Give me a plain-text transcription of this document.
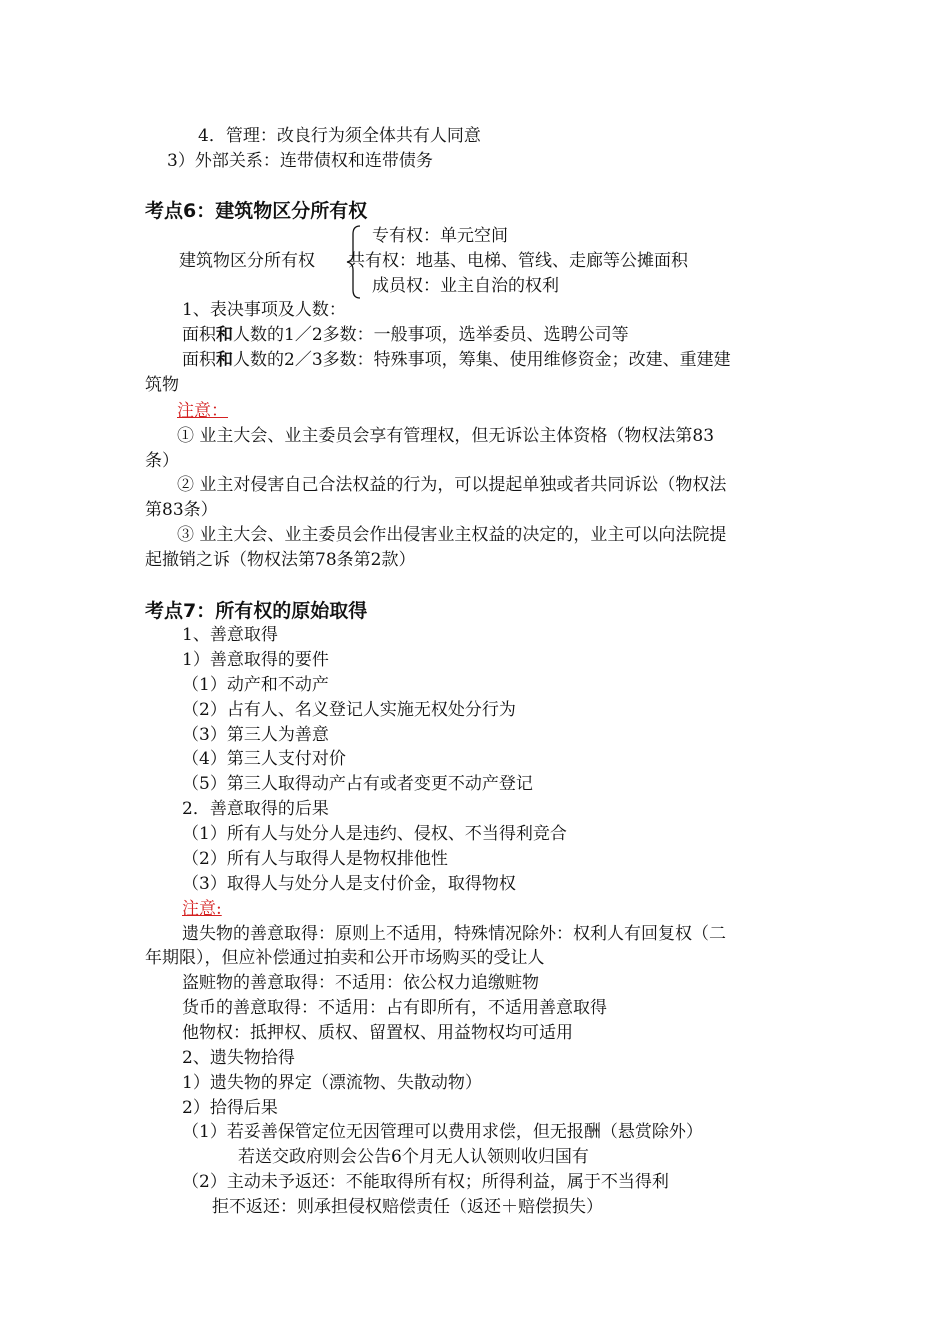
4．管理：改良行为须全体共有人同意
3）外部关系：连带债权和连带债务
考点6：建筑物区分所有权
建筑物区分所有权
专有权：单元空间
共有权：地基、电梯、管线、走廊等公摊面积
成员权：业主自治的权利
1、表决事项及人数：
面积和人数的1／2多数：一般事项，选举委员、选聘公司等
面积和人数的2／3多数：特殊事项，筹集、使用维修资金；改建、重建建
筑物
注意：
① 业主大会、业主委员会享有管理权，但无诉讼主体资格（物权法第83
条）
② 业主对侵害自己合法权益的行为，可以提起单独或者共同诉讼（物权法
第83条）
③ 业主大会、业主委员会作出侵害业主权益的决定的，业主可以向法院提
起撤销之诉（物权法第78条第2款）
考点7：所有权的原始取得
1、善意取得
1）善意取得的要件
（1）动产和不动产
（2）占有人、名义登记人实施无权处分行为
（3）第三人为善意
（4）第三人支付对价
（5）第三人取得动产占有或者变更不动产登记
2．善意取得的后果
（1）所有人与处分人是违约、侵权、不当得利竞合
（2）所有人与取得人是物权排他性
（3）取得人与处分人是支付价金，取得物权
注意:
遗失物的善意取得：原则上不适用，特殊情况除外：权利人有回复权（二
年期限），但应补偿通过拍卖和公开市场购买的受让人
盗赃物的善意取得：不适用：依公权力追缴赃物
货币的善意取得：不适用：占有即所有，不适用善意取得
他物权：抵押权、质权、留置权、用益物权均可适用
2、遗失物拾得
1）遗失物的界定（漂流物、失散动物）
2）拾得后果
（1）若妥善保管定位无因管理可以费用求偿，但无报酬（悬赏除外）
若送交政府则会公告6个月无人认领则收归国有
（2）主动未予返还：不能取得所有权；所得利益，属于不当得利
拒不返还：则承担侵权赔偿责任（返还＋赔偿损失）
